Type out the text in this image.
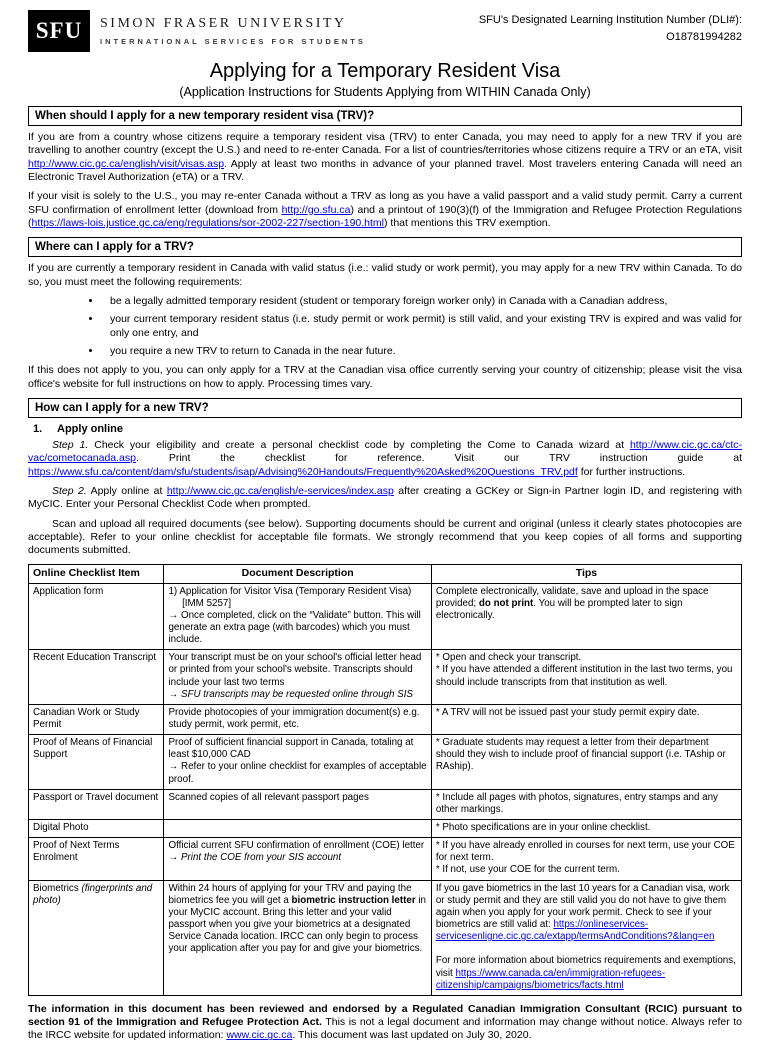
SFU	SIMON FRASER UNIVERSITY
INTERNATIONAL SERVICES FOR STUDENTS
SFU's Designated Learning Institution Number (DLI#):
O18781994282
Applying for a Temporary Resident Visa
(Application Instructions for Students Applying from WITHIN Canada Only)
When should I apply for a new temporary resident visa (TRV)?

If you are from a country whose citizens require a temporary resident visa (TRV) to enter Canada, you may need to apply for a new TRV if you are travelling to another country (except the U.S.) and need to re-enter Canada. For a list of countries/territories whose citizens require a TRV or an eTA, visit http://www.cic.gc.ca/english/visit/visas.asp. Apply at least two months in advance of your planned travel. Most travelers entering Canada will need an Electronic Travel Authorization (eTA) or a TRV.

If your visit is solely to the U.S., you may re-enter Canada without a TRV as long as you have a valid passport and a valid study permit. Carry a current SFU confirmation of enrollment letter (download from http://go.sfu.ca) and a printout of 190(3)(f) of the Immigration and Refugee Protection Regulations (https://laws-lois.justice.gc.ca/eng/regulations/sor-2002-227/section-190.html) that mentions this TRV exemption.

Where can I apply for a TRV?

If you are currently a temporary resident in Canada with valid status (i.e.: valid study or work permit), you may apply for a new TRV within Canada. To do so, you must meet the following requirements:

• be a legally admitted temporary resident (student or temporary foreign worker only) in Canada with a Canadian address,
• your current temporary resident status (i.e. study permit or work permit) is still valid, and your existing TRV is expired and was valid for only one entry, and
• you require a new TRV to return to Canada in the near future.

If this does not apply to you, you can only apply for a TRV at the Canadian visa office currently serving your country of citizenship; please visit the visa office's website for full instructions on how to apply. Processing times vary.

How can I apply for a new TRV?
1.	Apply online

Step 1. Check your eligibility and create a personal checklist code by completing the Come to Canada wizard at http://www.cic.gc.ca/ctc-vac/cometocanada.asp. Print the checklist for reference. Visit our TRV instruction guide at https://www.sfu.ca/content/dam/sfu/students/isap/Advising%20Handouts/Frequently%20Asked%20Questions_TRV.pdf for further instructions.

Step 2. Apply online at http://www.cic.gc.ca/english/e-services/index.asp after creating a GCKey or Sign-in Partner login ID, and registering with MyCIC. Enter your Personal Checklist Code when prompted.

Scan and upload all required documents (see below). Supporting documents should be current and original (unless it clearly states photocopies are acceptable). Refer to your online checklist for acceptable file formats. We strongly recommend that you keep copies of all forms and supporting documents submitted.

Online Checklist Item	Document Description	Tips
Application form	1) Application for Visitor Visa (Temporary Resident Visa)
[IMM 5257]
→ Once completed, click on the “Validate” button. This will generate an extra page (with barcodes) which you must include.	Complete electronically, validate, save and upload in the space provided; do not print. You will be prompted later to sign electronically.
Recent Education Transcript	Your transcript must be on your school's official letter head or printed from your school's website. Transcripts should include your last two terms
→ SFU transcripts may be requested online through SIS	* Open and check your transcript.
* If you have attended a different institution in the last two terms, you should include transcripts from that institution as well.
Canadian Work or Study Permit	Provide photocopies of your immigration document(s) e.g. study permit, work permit, etc.	* A TRV will not be issued past your study permit expiry date.
Proof of Means of Financial Support	Proof of sufficient financial support in Canada, totaling at least $10,000 CAD
→ Refer to your online checklist for examples of acceptable proof.	* Graduate students may request a letter from their department should they wish to include proof of financial support (i.e. TAship or RAship).
Passport or Travel document	Scanned copies of all relevant passport pages	* Include all pages with photos, signatures, entry stamps and any other markings.
Digital Photo		* Photo specifications are in your online checklist.
Proof of Next Terms Enrolment	Official current SFU confirmation of enrollment (COE) letter
→ Print the COE from your SIS account	* If you have already enrolled in courses for next term, use your COE for next term.
* If not, use your COE for the current term.
Biometrics (fingerprints and photo)	Within 24 hours of applying for your TRV and paying the biometrics fee you will get a biometric instruction letter in your MyCIC account. Bring this letter and your valid passport when you give your biometrics at a designated Service Canada location. IRCC can only begin to process your application after you pay for and give your biometrics.	If you gave biometrics in the last 10 years for a Canadian visa, work or study permit and they are still valid you do not have to give them again when you apply for your work permit. Check to see if your biometrics are still valid at: https://onlineservices-servicesenligne.cic.gc.ca/extapp/termsAndConditions?&lang=en

For more information about biometrics requirements and exemptions, visit https://www.canada.ca/en/immigration-refugees-citizenship/campaigns/biometrics/facts.html

The information in this document has been reviewed and endorsed by a Regulated Canadian Immigration Consultant (RCIC) pursuant to section 91 of the Immigration and Refugee Protection Act. This is not a legal document and information may change without notice. Always refer to the IRCC website for updated information: www.cic.gc.ca. This document was last updated on July 30, 2020.
